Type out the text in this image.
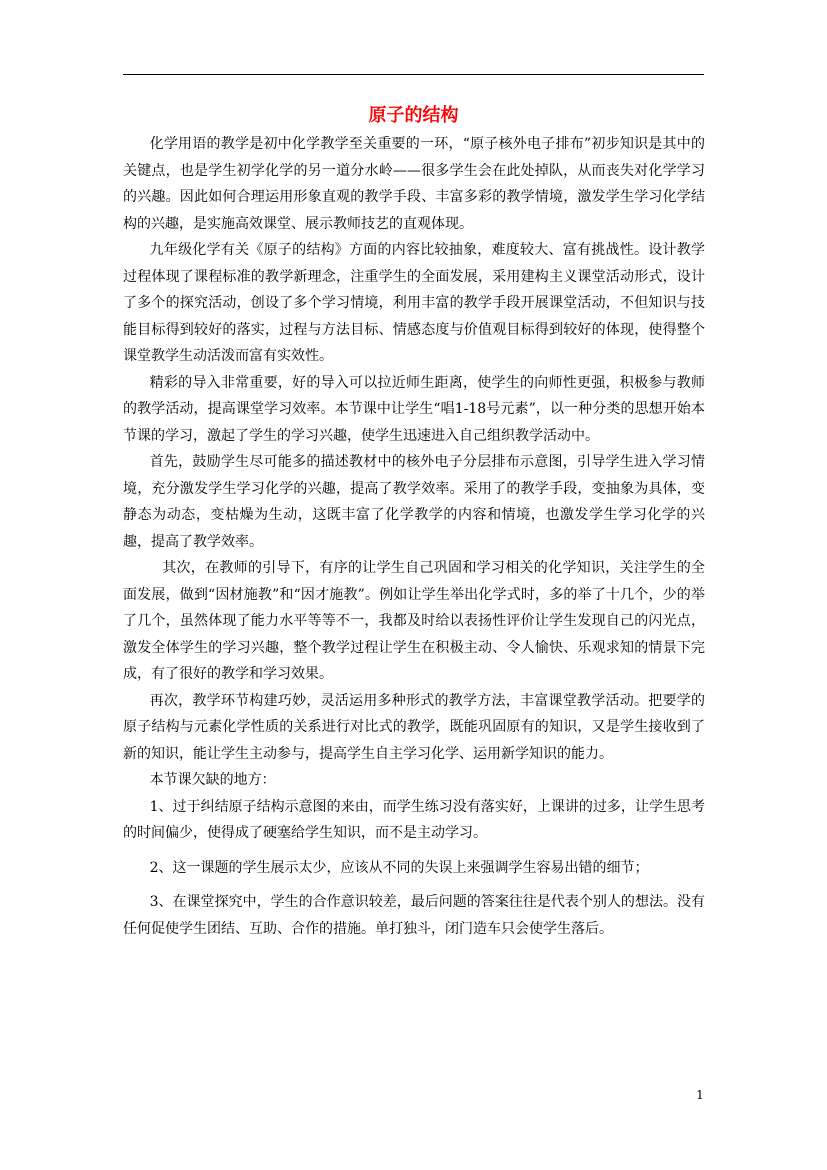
原子的结构

化学用语的教学是初中化学教学至关重要的一环，“原子核外电子排布”初步知识是其中的关键点，也是学生初学化学的另一道分水岭——很多学生会在此处掉队，从而丧失对化学学习的兴趣。因此如何合理运用形象直观的教学手段、丰富多彩的教学情境，激发学生学习化学结构的兴趣，是实施高效课堂、展示教师技艺的直观体现。

九年级化学有关《原子的结构》方面的内容比较抽象，难度较大、富有挑战性。设计教学过程体现了课程标准的教学新理念，注重学生的全面发展，采用建构主义课堂活动形式，设计了多个的探究活动，创设了多个学习情境，利用丰富的教学手段开展课堂活动，不但知识与技能目标得到较好的落实，过程与方法目标、情感态度与价值观目标得到较好的体现，使得整个课堂教学生动活泼而富有实效性。

精彩的导入非常重要，好的导入可以拉近师生距离，使学生的向师性更强，积极参与教师的教学活动，提高课堂学习效率。本节课中让学生“唱1-18号元素”，以一种分类的思想开始本节课的学习，激起了学生的学习兴趣，使学生迅速进入自己组织教学活动中。

首先，鼓励学生尽可能多的描述教材中的核外电子分层排布示意图，引导学生进入学习情境，充分激发学生学习化学的兴趣，提高了教学效率。采用了的教学手段，变抽象为具体，变静态为动态，变枯燥为生动，这既丰富了化学教学的内容和情境，也激发学生学习化学的兴趣，提高了教学效率。

其次，在教师的引导下，有序的让学生自己巩固和学习相关的化学知识，关注学生的全面发展，做到“因材施教”和“因才施教”。例如让学生举出化学式时，多的举了十几个，少的举了几个，虽然体现了能力水平等等不一，我都及时给以表扬性评价让学生发现自己的闪光点，激发全体学生的学习兴趣，整个教学过程让学生在积极主动、令人愉快、乐观求知的情景下完成，有了很好的教学和学习效果。

再次，教学环节构建巧妙，灵活运用多种形式的教学方法，丰富课堂教学活动。把要学的原子结构与元素化学性质的关系进行对比式的教学，既能巩固原有的知识，又是学生接收到了新的知识，能让学生主动参与，提高学生自主学习化学、运用新学知识的能力。

本节课欠缺的地方：

1、过于纠结原子结构示意图的来由，而学生练习没有落实好，上课讲的过多，让学生思考的时间偏少，使得成了硬塞给学生知识，而不是主动学习。

2、这一课题的学生展示太少，应该从不同的失误上来强调学生容易出错的细节；

3、在课堂探究中，学生的合作意识较差，最后问题的答案往往是代表个别人的想法。没有任何促使学生团结、互助、合作的措施。单打独斗，闭门造车只会使学生落后。

1
